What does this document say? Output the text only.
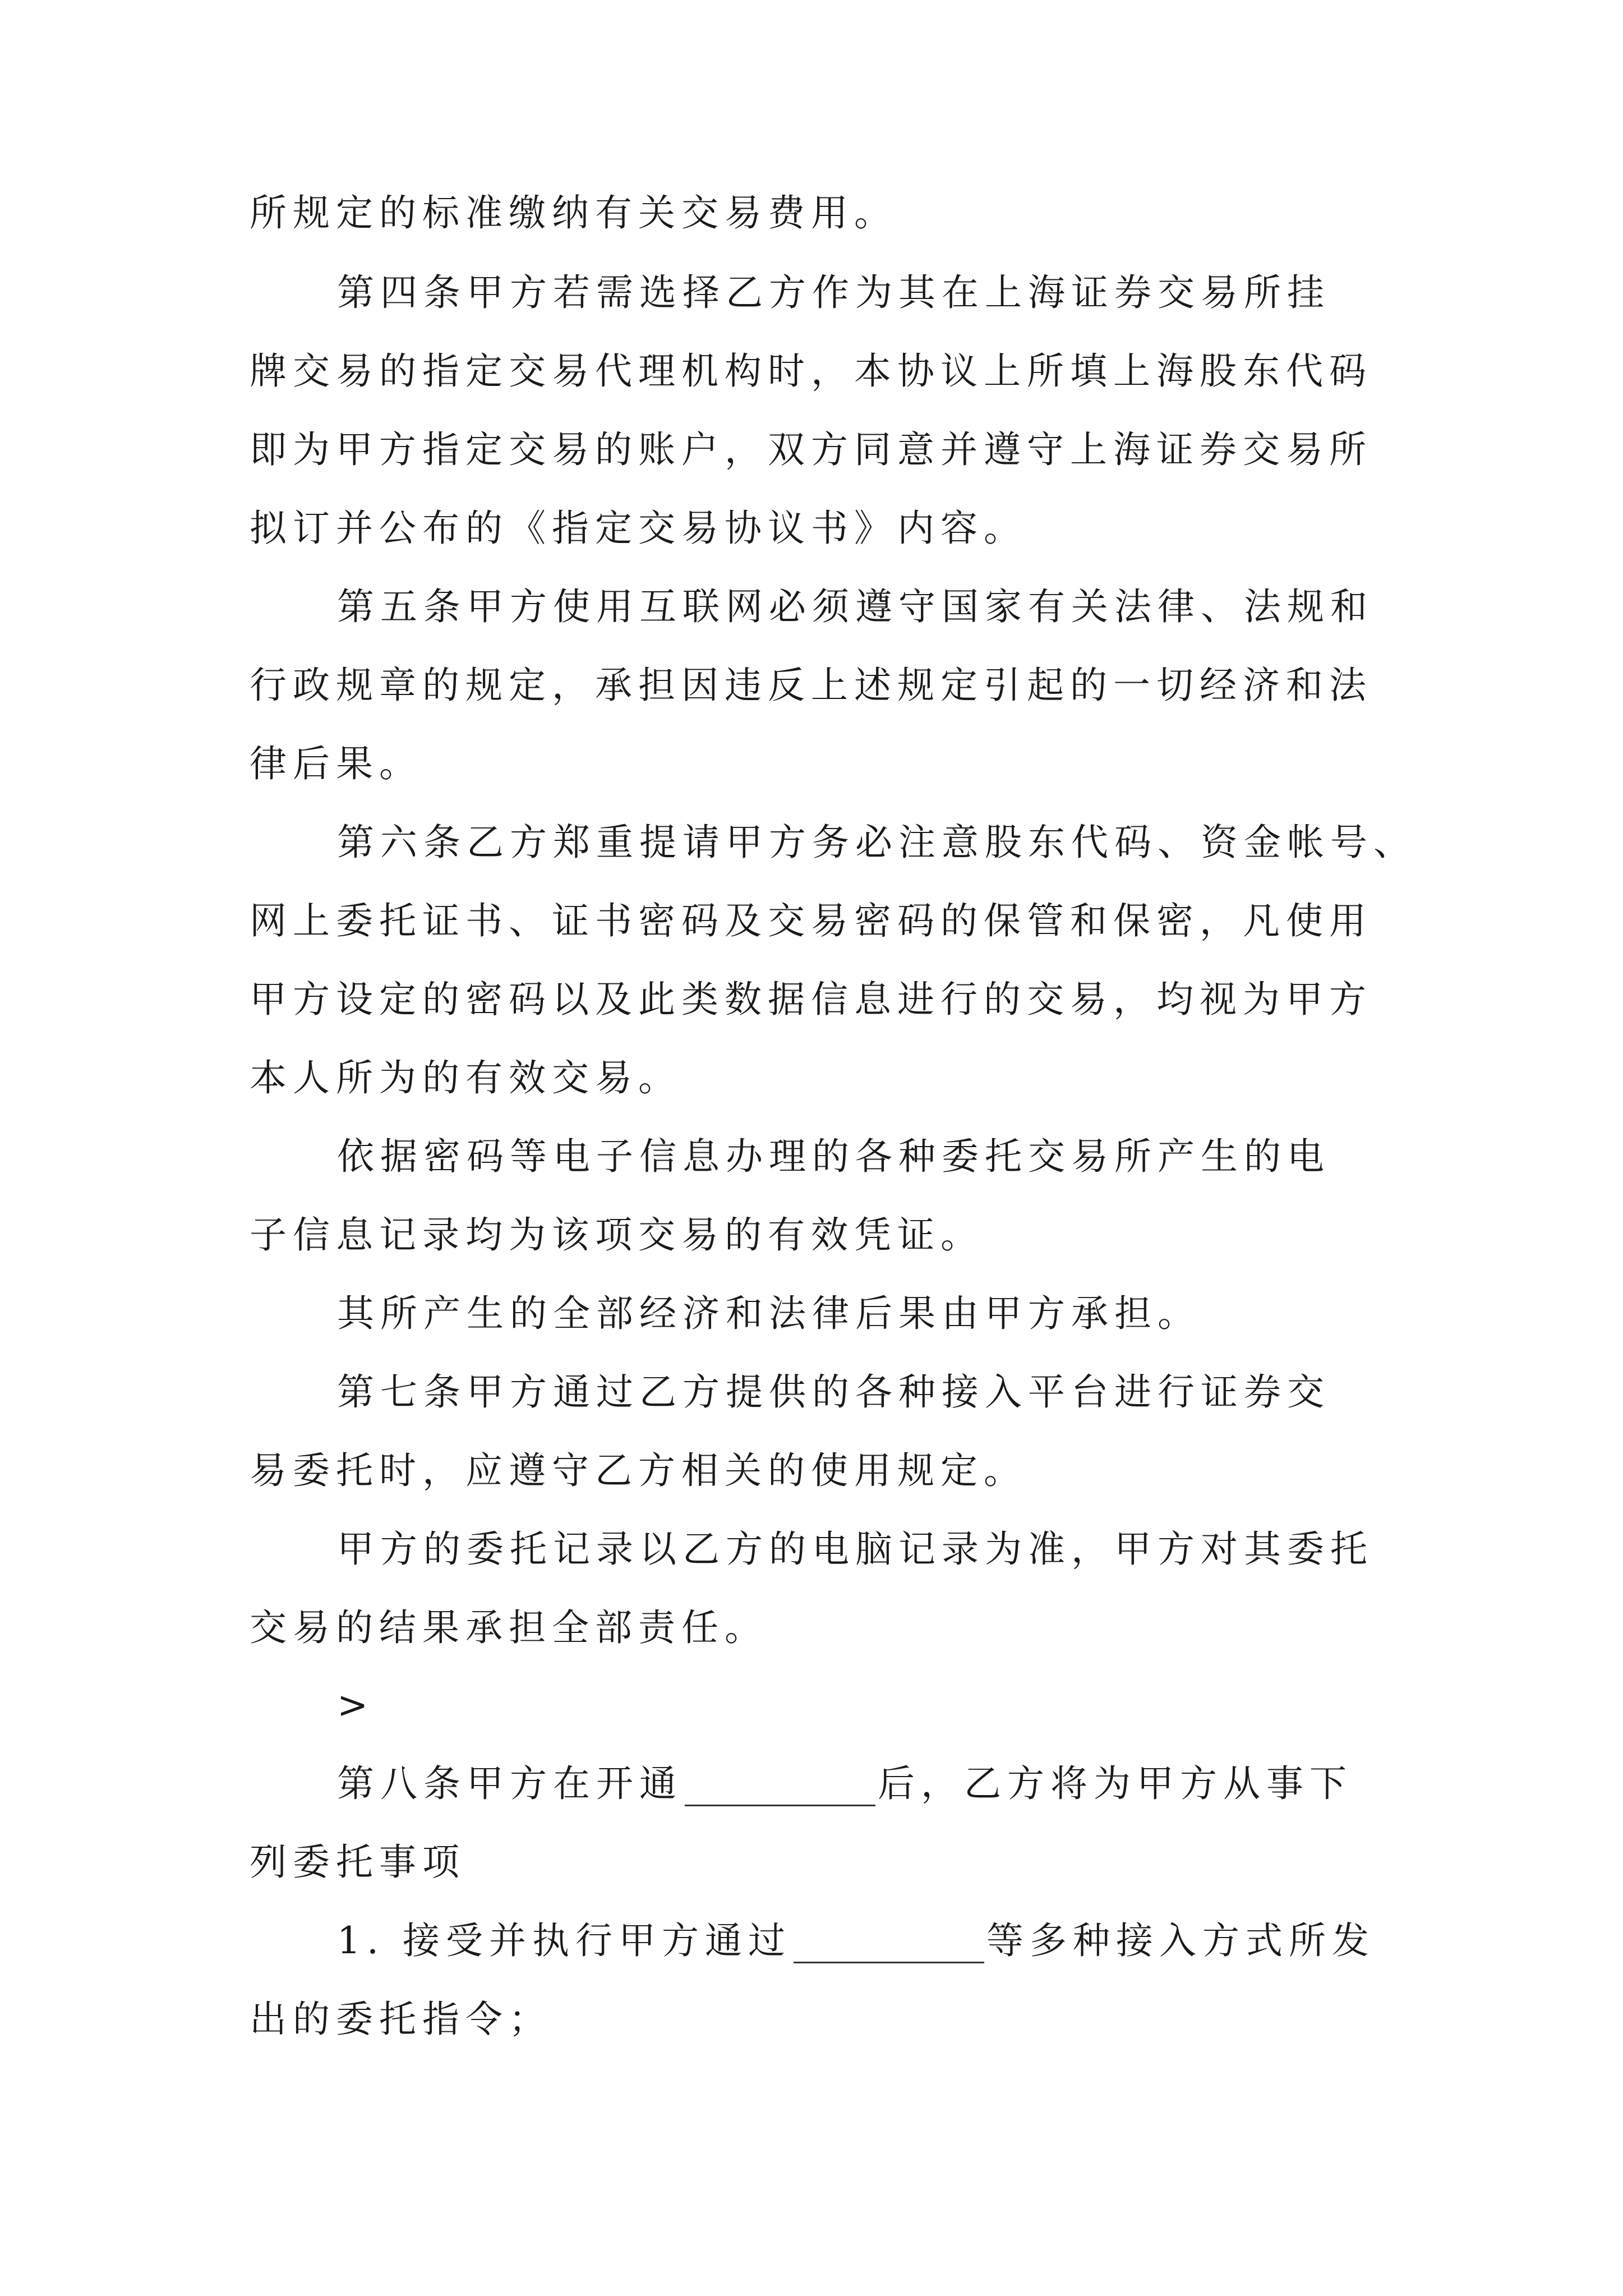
所规定的标准缴纳有关交易费用。
第四条甲方若需选择乙方作为其在上海证券交易所挂
牌交易的指定交易代理机构时，本协议上所填上海股东代码
即为甲方指定交易的账户，双方同意并遵守上海证券交易所
拟订并公布的《指定交易协议书》内容。
第五条甲方使用互联网必须遵守国家有关法律、法规和
行政规章的规定，承担因违反上述规定引起的一切经济和法
律后果。
第六条乙方郑重提请甲方务必注意股东代码、资金帐号、
网上委托证书、证书密码及交易密码的保管和保密，凡使用
甲方设定的密码以及此类数据信息进行的交易，均视为甲方
本人所为的有效交易。
依据密码等电子信息办理的各种委托交易所产生的电
子信息记录均为该项交易的有效凭证。
其所产生的全部经济和法律后果由甲方承担。
第七条甲方通过乙方提供的各种接入平台进行证券交
易委托时，应遵守乙方相关的使用规定。
甲方的委托记录以乙方的电脑记录为准，甲方对其委托
交易的结果承担全部责任。
>
第八条甲方在开通	后，乙方将为甲方从事下
列委托事项
1. 接受并执行甲方通过	等多种接入方式所发
出的委托指令；
